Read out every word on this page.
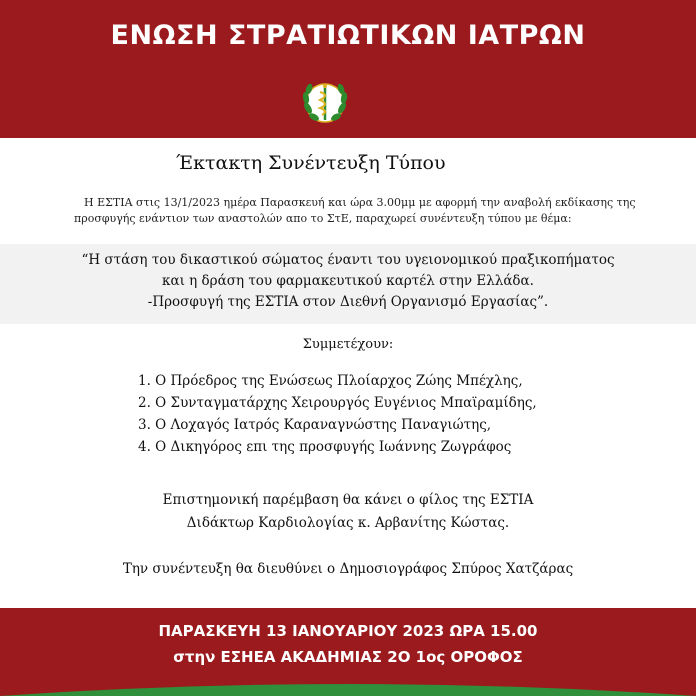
ΕΝΩΣΗ ΣΤΡΑΤΙΩΤΙΚΩΝ ΙΑΤΡΩΝ
Έκτακτη Συνέντευξη Τύπου
Η ΕΣΤΙΑ στις 13/1/2023 ημέρα Παρασκευή και ώρα 3.00μμ με αφορμή την αναβολή εκδίκασης της
προσφυγής ενάντιον των αναστολών απο το ΣτΕ, παραχωρεί συνέντευξη τύπου με θέμα:
“Η στάση του δικαστικού σώματος έναντι του υγειονομικού πραξικοπήματος
και η δράση του φαρμακευτικού καρτέλ στην Ελλάδα.
-Προσφυγή της ΕΣΤΙΑ στον Διεθνή Οργανισμό Εργασίας”.
Συμμετέχουν:
1. Ο Πρόεδρος της Ενώσεως Πλοίαρχος Ζώης Μπέχλης,
2. Ο Συνταγματάρχης Χειρουργός Ευγένιος Μπαϊραμίδης,
3. Ο Λοχαγός Ιατρός Καραναγνώστης Παναγιώτης,
4. Ο Δικηγόρος επι της προσφυγής Ιωάννης Ζωγράφος
Επιστημονική παρέμβαση θα κάνει ο φίλος της ΕΣΤΙΑ
Διδάκτωρ Καρδιολογίας κ. Αρβανίτης Κώστας.
Την συνέντευξη θα διευθύνει ο Δημοσιογράφος Σπύρος Χατζάρας
ΠΑΡΑΣΚΕΥΗ 13 ΙΑΝΟΥΑΡΙΟΥ 2023 ΩΡΑ 15.00
στην ΕΣΗΕΑ ΑΚΑΔΗΜΙΑΣ 2Ο 1ος ΟΡΟΦΟΣ
